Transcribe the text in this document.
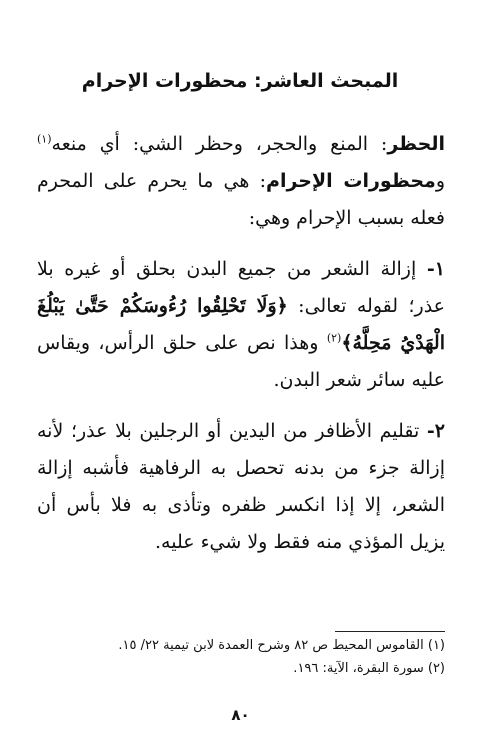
المبحث العاشر: محظورات الإحرام

الحظر: المنع والحجر، وحظر الشي: أي منعه$^{(١)}$ ومحظورات الإحرام: هي ما يحرم على المحرم فعله بسبب الإحرام وهي:

١- إزالة الشعر من جميع البدن بحلق أو غيره بلا عذر؛ لقوله تعالى: ﴿وَلَا تَحْلِقُوا رُءُوسَكُمْ حَتَّىٰ يَبْلُغَ الْهَدْيُ مَحِلَّهُ﴾$^{(٢)}$ وهذا نص على حلق الرأس، ويقاس عليه سائر شعر البدن.

٢- تقليم الأظافر من اليدين أو الرجلين بلا عذر؛ لأنه إزالة جزء من بدنه تحصل به الرفاهية فأشبه إزالة الشعر، إلا إذا انكسر ظفره وتأذى به فلا بأس أن يزيل المؤذي منه فقط ولا شيء عليه.

(١) القاموس المحيط ص ٨٢ وشرح العمدة لابن تيمية ٢٢/ ١٥.
(٢) سورة البقرة، الآية: ١٩٦.
٨٠
